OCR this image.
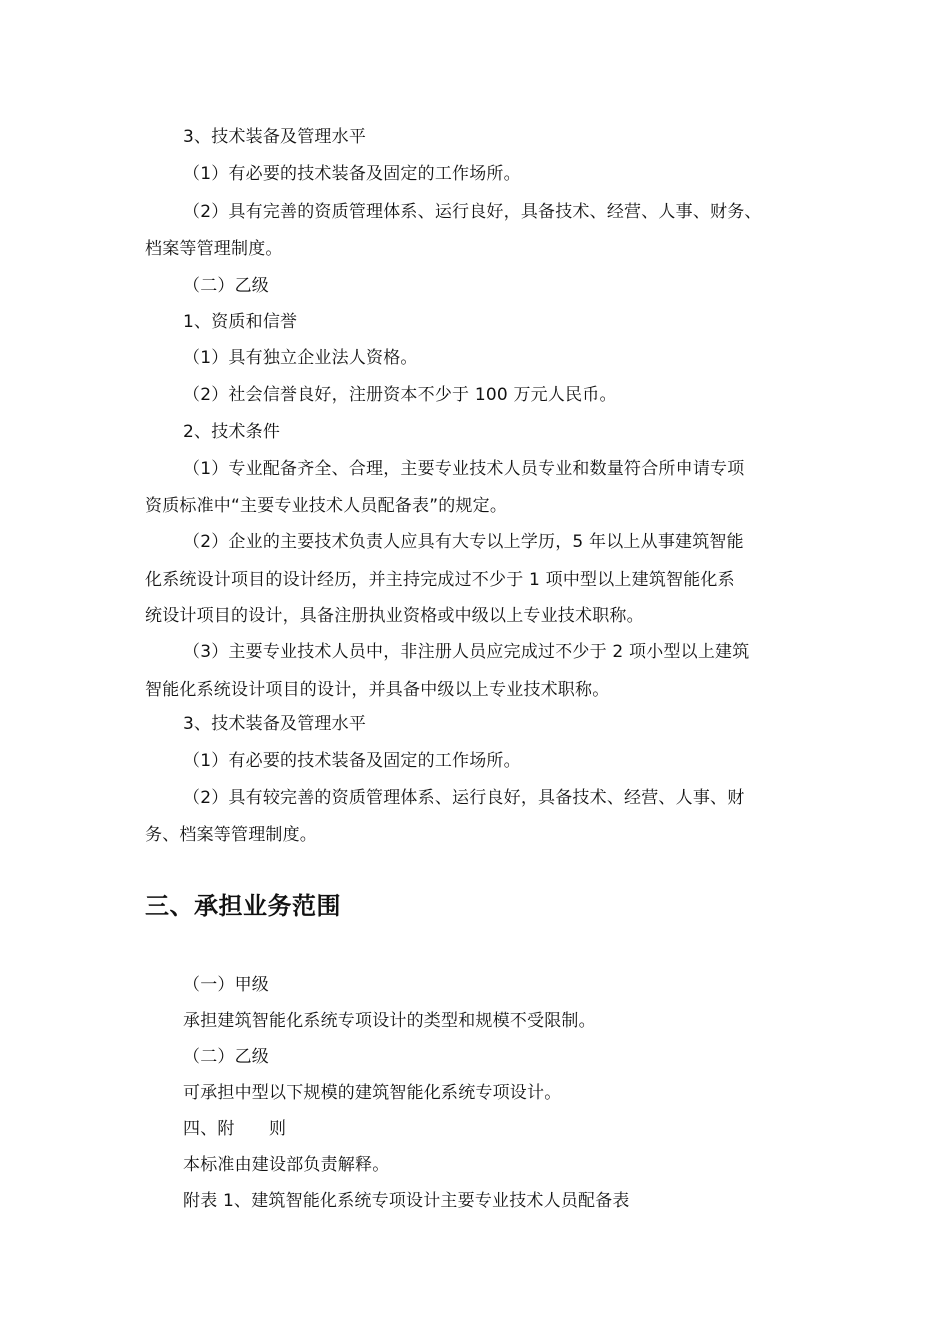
3、技术装备及管理水平
（1）有必要的技术装备及固定的工作场所。
（2）具有完善的资质管理体系、运行良好，具备技术、经营、人事、财务、
档案等管理制度。
（二）乙级
1、资质和信誉
（1）具有独立企业法人资格。
（2）社会信誉良好，注册资本不少于 100 万元人民币。
2、技术条件
（1）专业配备齐全、合理，主要专业技术人员专业和数量符合所申请专项
资质标准中“主要专业技术人员配备表”的规定。
（2）企业的主要技术负责人应具有大专以上学历，5 年以上从事建筑智能
化系统设计项目的设计经历，并主持完成过不少于 1 项中型以上建筑智能化系
统设计项目的设计，具备注册执业资格或中级以上专业技术职称。
（3）主要专业技术人员中，非注册人员应完成过不少于 2 项小型以上建筑
智能化系统设计项目的设计，并具备中级以上专业技术职称。
3、技术装备及管理水平
（1）有必要的技术装备及固定的工作场所。
（2）具有较完善的资质管理体系、运行良好，具备技术、经营、人事、财
务、档案等管理制度。
三、承担业务范围
（一）甲级
承担建筑智能化系统专项设计的类型和规模不受限制。
（二）乙级
可承担中型以下规模的建筑智能化系统专项设计。
四、附　　则
本标准由建设部负责解释。
附表 1、建筑智能化系统专项设计主要专业技术人员配备表
